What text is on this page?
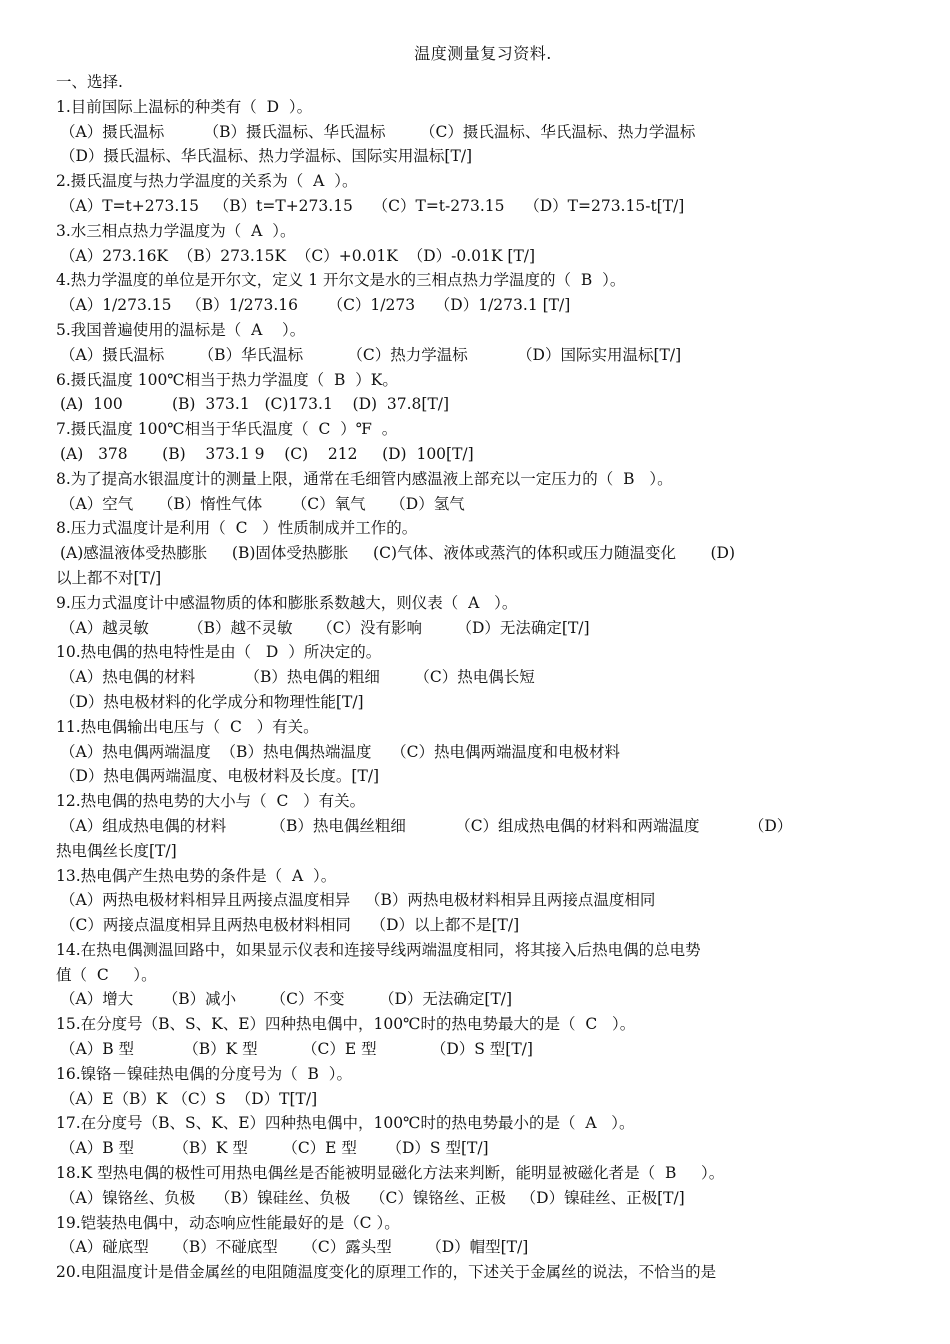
温度测量复习资料.
一、选择.
1.目前国际上温标的种类有（  D  ）。
（A）摄氏温标        （B）摄氏温标、华氏温标       （C）摄氏温标、华氏温标、热力学温标
（D）摄氏温标、华氏温标、热力学温标、国际实用温标[T/]
2.摄氏温度与热力学温度的关系为（  A  ）。
（A）T=t+273.15   （B）t=T+273.15    （C）T=t-273.15    （D）T=273.15-t[T/]
3.水三相点热力学温度为（  A  ）。
（A）273.16K  （B）273.15K  （C）+0.01K  （D）-0.01K [T/]
4.热力学温度的单位是开尔文，定义 1 开尔文是水的三相点热力学温度的（  B  ）。
（A）1/273.15   （B）1/273.16      （C）1/273    （D）1/273.1 [T/]
5.我国普遍使用的温标是（  A    ）。
（A）摄氏温标       （B）华氏温标         （C）热力学温标          （D）国际实用温标[T/]
6.摄氏温度 100℃相当于热力学温度（  B  ）K。
(A)  100          (B)  373.1   (C)173.1    (D)  37.8[T/]
7.摄氏温度 100℃相当于华氏温度（  C  ）℉  。
(A)   378       (B)    373.1 9    (C)    212     (D)  100[T/]
8.为了提高水银温度计的测量上限，通常在毛细管内感温液上部充以一定压力的（  B   ）。
（A）空气     （B）惰性气体      （C）氧气     （D）氢气
8.压力式温度计是利用（  C   ）性质制成并工作的。
(A)感温液体受热膨胀     (B)固体受热膨胀     (C)气体、液体或蒸汽的体积或压力随温变化       (D)
以上都不对[T/]
9.压力式温度计中感温物质的体和膨胀系数越大，则仪表（  A   ）。
（A）越灵敏        （B）越不灵敏     （C）没有影响       （D）无法确定[T/]
10.热电偶的热电特性是由（   D  ）所决定的。
（A）热电偶的材料          （B）热电偶的粗细       （C）热电偶长短
（D）热电极材料的化学成分和物理性能[T/]
11.热电偶输出电压与（  C   ）有关。
（A）热电偶两端温度  （B）热电偶热端温度    （C）热电偶两端温度和电极材料
（D）热电偶两端温度、电极材料及长度。[T/]
12.热电偶的热电势的大小与（  C   ）有关。
（A）组成热电偶的材料         （B）热电偶丝粗细          （C）组成热电偶的材料和两端温度          （D）
热电偶丝长度[T/]
13.热电偶产生热电势的条件是（  A  ）。
（A）两热电极材料相异且两接点温度相异   （B）两热电极材料相异且两接点温度相同
（C）两接点温度相异且两热电极材料相同    （D）以上都不是[T/]
14.在热电偶测温回路中，如果显示仪表和连接导线两端温度相同，将其接入后热电偶的总电势
值（  C     ）。
（A）增大      （B）减小       （C）不变       （D）无法确定[T/]
15.在分度号（B、S、K、E）四种热电偶中，100℃时的热电势最大的是（  C   ）。
（A）B 型          （B）K 型         （C）E 型           （D）S 型[T/]
16.镍铬－镍硅热电偶的分度号为（  B  ）。
（A）E（B）K （C）S  （D）T[T/]
17.在分度号（B、S、K、E）四种热电偶中，100℃时的热电势最小的是（  A   ）。
（A）B 型        （B）K 型       （C）E 型      （D）S 型[T/]
18.K 型热电偶的极性可用热电偶丝是否能被明显磁化方法来判断，能明显被磁化者是（  B     ）。
（A）镍铬丝、负极    （B）镍硅丝、负极    （C）镍铬丝、正极   （D）镍硅丝、正极[T/]
19.铠装热电偶中，动态响应性能最好的是（C ）。
（A）碰底型     （B）不碰底型     （C）露头型       （D）帽型[T/]
20.电阻温度计是借金属丝的电阻随温度变化的原理工作的，下述关于金属丝的说法，不恰当的是
